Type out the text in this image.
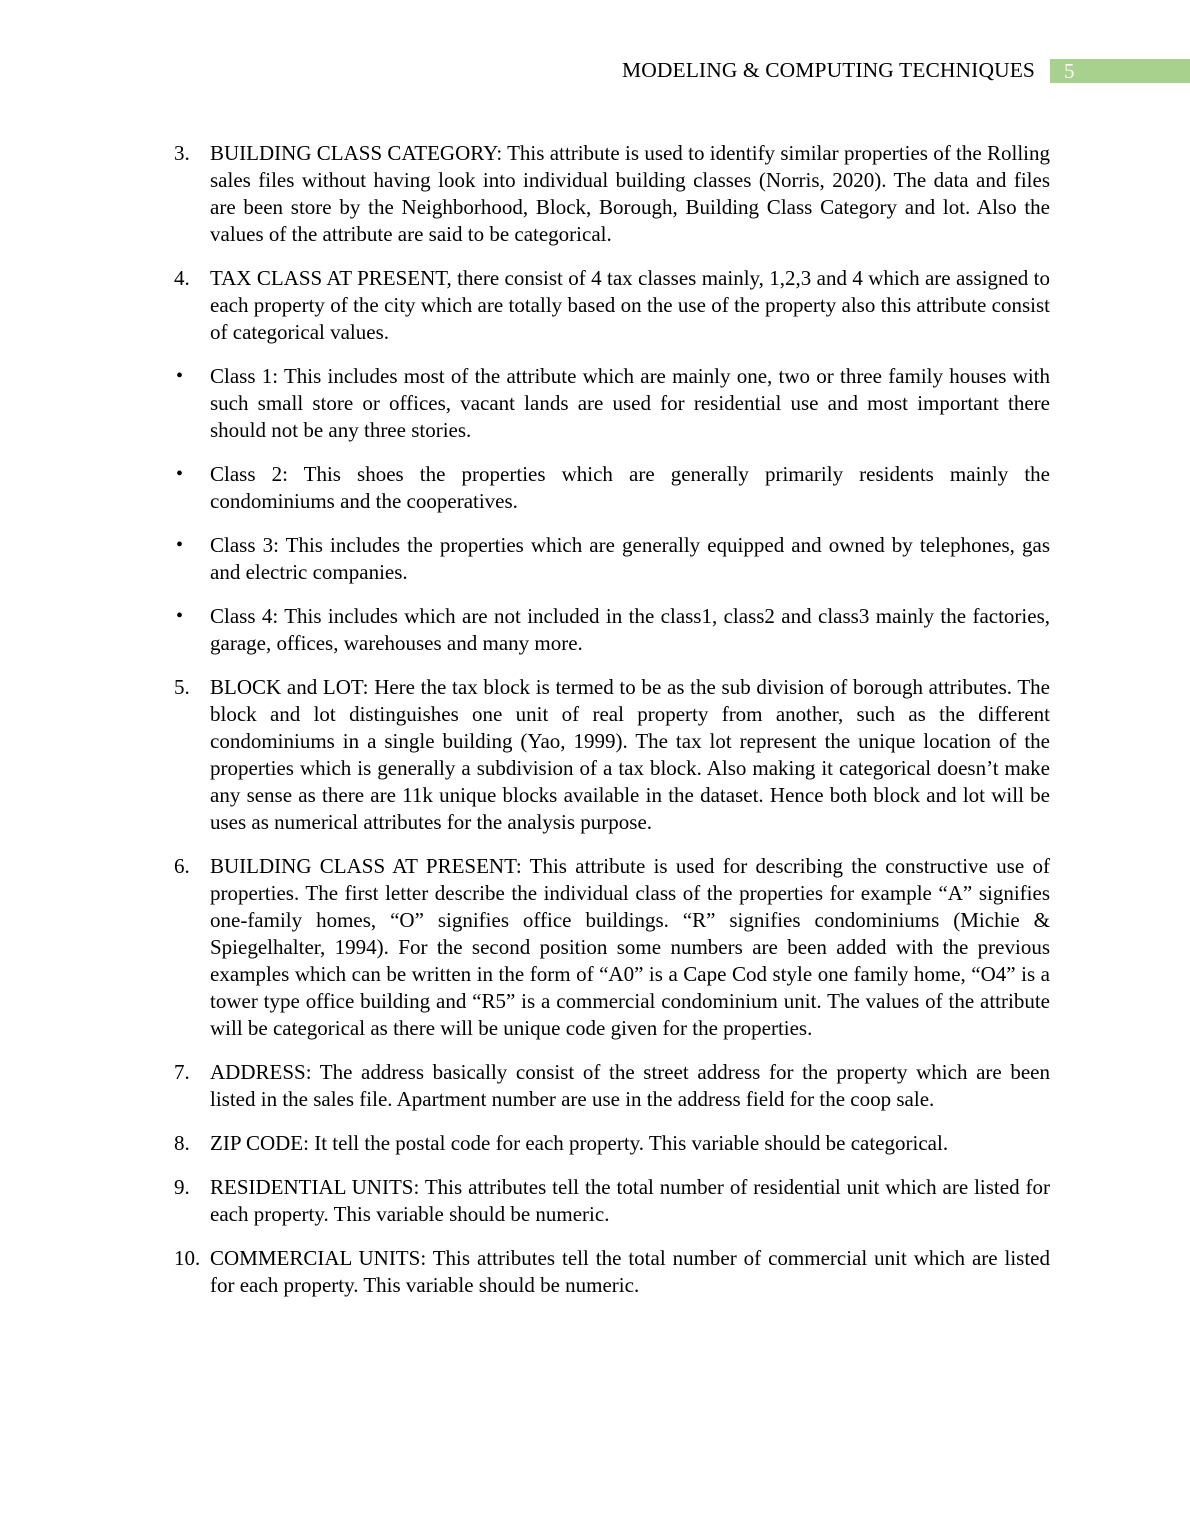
MODELING & COMPUTING TECHNIQUES	5
3. BUILDING CLASS CATEGORY: This attribute is used to identify similar properties of the Rolling sales files without having look into individual building classes (Norris, 2020). The data and files are been store by the Neighborhood, Block, Borough, Building Class Category and lot. Also the values of the attribute are said to be categorical.
4. TAX CLASS AT PRESENT, there consist of 4 tax classes mainly, 1,2,3 and 4 which are assigned to each property of the city which are totally based on the use of the property also this attribute consist of categorical values.
• Class 1: This includes most of the attribute which are mainly one, two or three family houses with such small store or offices, vacant lands are used for residential use and most important there should not be any three stories.
• Class 2: This shoes the properties which are generally primarily residents mainly the condominiums and the cooperatives.
• Class 3: This includes the properties which are generally equipped and owned by telephones, gas and electric companies.
• Class 4: This includes which are not included in the class1, class2 and class3 mainly the factories, garage, offices, warehouses and many more.
5. BLOCK and LOT: Here the tax block is termed to be as the sub division of borough attributes. The block and lot distinguishes one unit of real property from another, such as the different condominiums in a single building (Yao, 1999). The tax lot represent the unique location of the properties which is generally a subdivision of a tax block. Also making it categorical doesn’t make any sense as there are 11k unique blocks available in the dataset. Hence both block and lot will be uses as numerical attributes for the analysis purpose.
6. BUILDING CLASS AT PRESENT: This attribute is used for describing the constructive use of properties. The first letter describe the individual class of the properties for example “A” signifies one-family homes, “O” signifies office buildings. “R” signifies condominiums (Michie & Spiegelhalter, 1994). For the second position some numbers are been added with the previous examples which can be written in the form of “A0” is a Cape Cod style one family home, “O4” is a tower type office building and “R5” is a commercial condominium unit. The values of the attribute will be categorical as there will be unique code given for the properties.
7. ADDRESS: The address basically consist of the street address for the property which are been listed in the sales file. Apartment number are use in the address field for the coop sale.
8. ZIP CODE: It tell the postal code for each property. This variable should be categorical.
9. RESIDENTIAL UNITS: This attributes tell the total number of residential unit which are listed for each property. This variable should be numeric.
10. COMMERCIAL UNITS: This attributes tell the total number of commercial unit which are listed for each property. This variable should be numeric.
